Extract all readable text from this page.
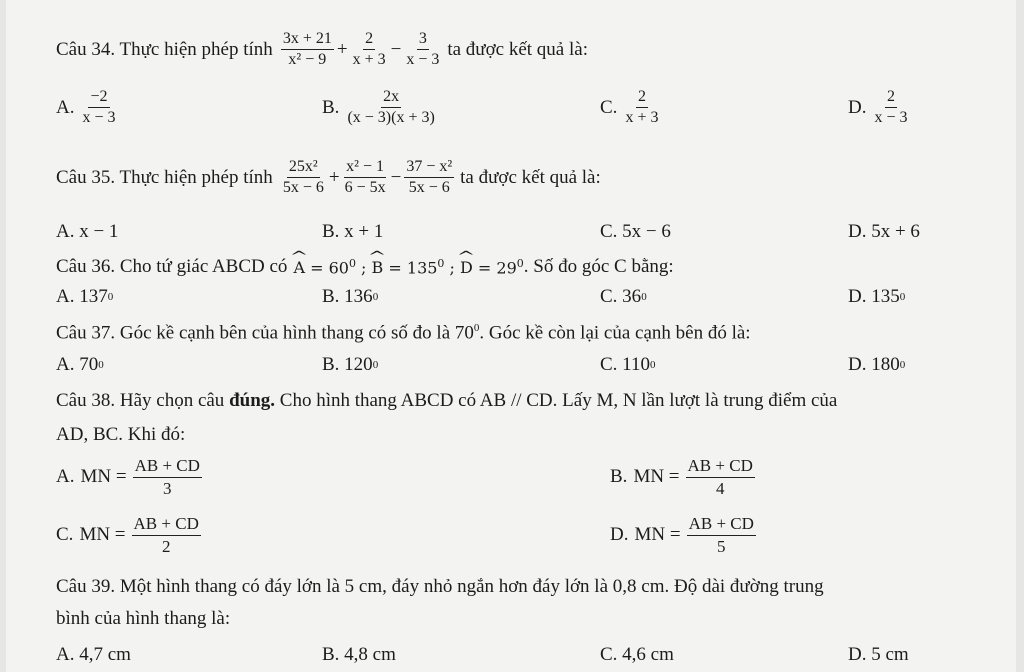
Câu 34. Thực hiện phép tính $\frac{3x + 21}{\text{x² − 9}} + \frac{2}{x + 3} - \frac{3}{x - 3}$ ta được kết quả là:
A. $\frac{-2}{x - 3}$	B. $\frac{2x}{(x - 3)(x + 3)}$	C. $\frac{2}{x + 3}$	D. $\frac{2}{x - 3}$
Câu 35. Thực hiện phép tính $\frac{\text{25x²}}{5x - 6} + \frac{\text{x² − 1}}{6 - 5x} - \frac{\text{37 − x²}}{5x - 6}$ ta được kết quả là:
A. x − 1	B. x + 1	C. 5x − 6	D. 5x + 6
Câu 36. Cho tứ giác ABCD có ^ $A = 60^0$ ; ^ $B = 135^0$ ; ^ $D = 29^0$ . Số đo góc C bằng:
A. 137 0	B. 136 0	C. 36 0	D. 135 0
Câu 37. Góc kề cạnh bên của hình thang có số đo là $70^0$. Góc kề còn lại của cạnh bên đó là:
A. 70 0	B. 120 0	C. 110 0	D. 180 0
Câu 38. Hãy chọn câu đúng. Cho hình thang ABCD có AB // CD. Lấy M, N lần lượt là trung điểm của
AD, BC. Khi đó:
A. MN = $\frac{AB + CD}{3}$	B. MN = $\frac{AB + CD}{4}$
C. MN = $\frac{AB + CD}{2}$	D. MN = $\frac{AB + CD}{5}$
Câu 39. Một hình thang có đáy lớn là 5 cm, đáy nhỏ ngắn hơn đáy lớn là 0,8 cm. Độ dài đường trung
bình của hình thang là:
A. 4,7 cm	B. 4,8 cm	C. 4,6 cm	D. 5 cm
